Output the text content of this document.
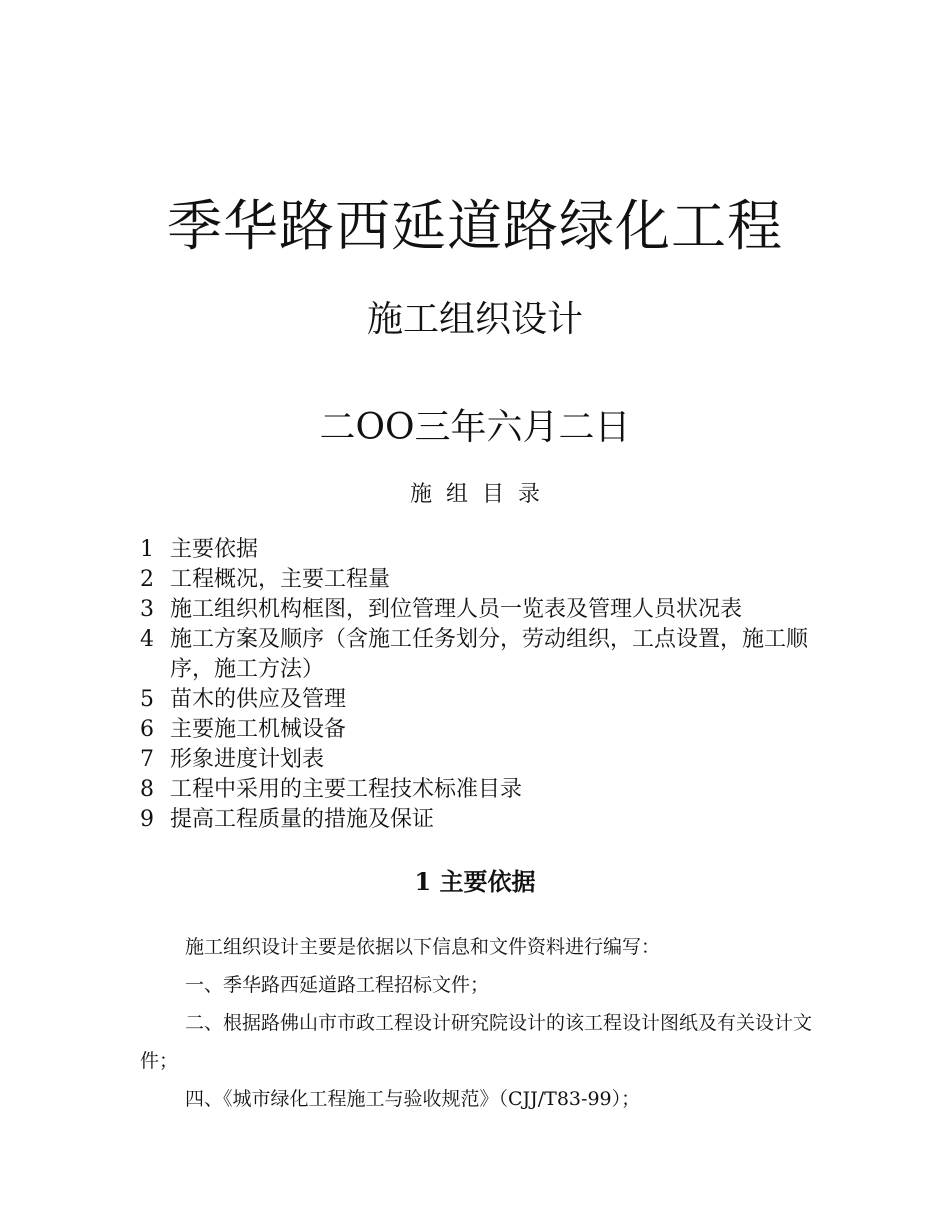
季华路西延道路绿化工程
施工组织设计
二OO三年六月二日
施组目录
1 主要依据
2 工程概况，主要工程量
3 施工组织机构框图，到位管理人员一览表及管理人员状况表
4 施工方案及顺序（含施工任务划分，劳动组织，工点设置，施工顺序，施工方法）
5 苗木的供应及管理
6 主要施工机械设备
7 形象进度计划表
8 工程中采用的主要工程技术标准目录
9 提高工程质量的措施及保证
1 主要依据

施工组织设计主要是依据以下信息和文件资料进行编写：

一、季华路西延道路工程招标文件；

二、根据路佛山市市政工程设计研究院设计的该工程设计图纸及有关设计文件；

四、《城市绿化工程施工与验收规范》（CJJ/T83-99）；
